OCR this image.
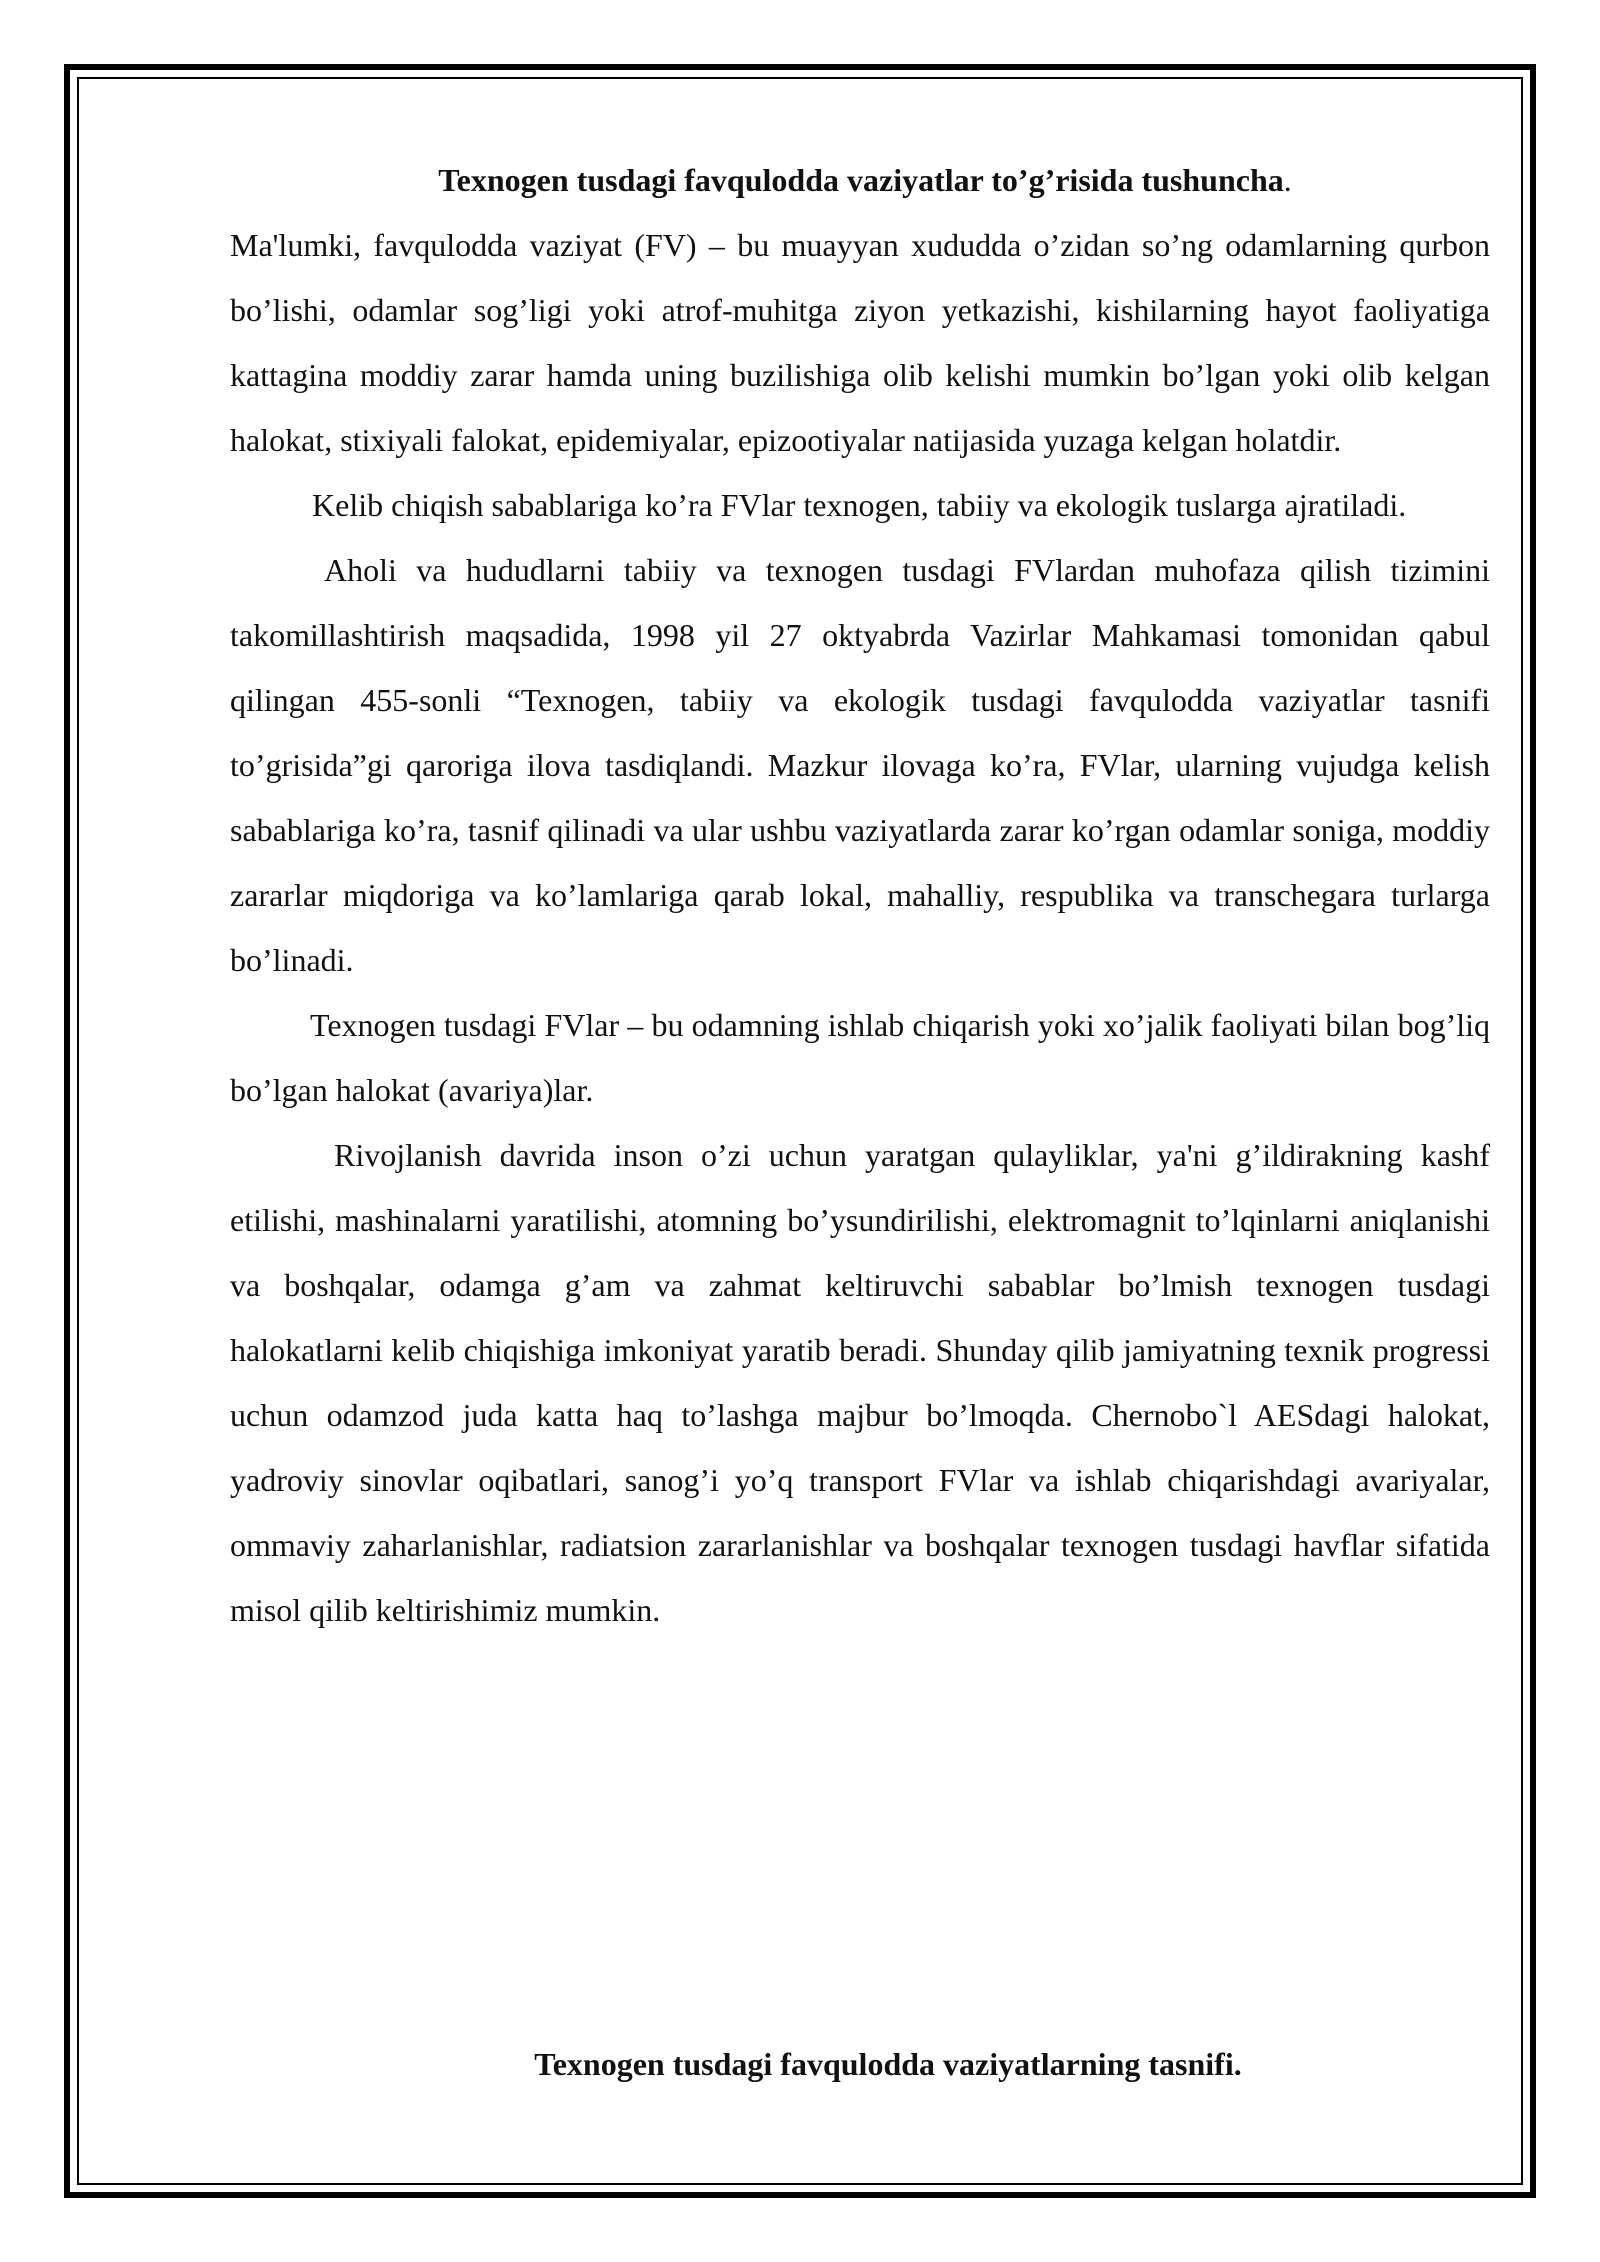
Texnogen tusdagi favqulodda vaziyatlar to’g’risida tushuncha.

Ma'lumki, favqulodda vaziyat (FV) – bu muayyan xududda o’zidan so’ng odamlarning qurbon bo’lishi, odamlar sog’ligi yoki atrof-muhitga ziyon yetkazishi, kishilarning hayot faoliyatiga kattagina moddiy zarar hamda uning buzilishiga olib kelishi mumkin bo’lgan yoki olib kelgan halokat, stixiyali falokat, epidemiyalar, epizootiyalar natijasida yuzaga kelgan holatdir.

Kelib chiqish sabablariga ko’ra FVlar texnogen, tabiiy va ekologik tuslarga ajratiladi.

Aholi va hududlarni tabiiy va texnogen tusdagi FVlardan muhofaza qilish tizimini takomillashtirish maqsadida, 1998 yil 27 oktyabrda Vazirlar Mahkamasi tomonidan qabul qilingan 455-sonli “Texnogen, tabiiy va ekologik tusdagi favqulodda vaziyatlar tasnifi to’grisida”gi qaroriga ilova tasdiqlandi. Mazkur ilovaga ko’ra, FVlar, ularning vujudga kelish sabablariga ko’ra, tasnif qilinadi va ular ushbu vaziyatlarda zarar ko’rgan odamlar soniga, moddiy zararlar miqdoriga va ko’lamlariga qarab lokal, mahalliy, respublika va transchegara turlarga bo’linadi.

Texnogen tusdagi FVlar – bu odamning ishlab chiqarish yoki xo’jalik faoliyati bilan bog’liq bo’lgan halokat (avariya)lar.

Rivojlanish davrida inson o’zi uchun yaratgan qulayliklar, ya'ni g’ildirakning kashf etilishi, mashinalarni yaratilishi, atomning bo’ysundirilishi, elektromagnit to’lqinlarni aniqlanishi va boshqalar, odamga g’am va zahmat keltiruvchi sabablar bo’lmish texnogen tusdagi halokatlarni kelib chiqishiga imkoniyat yaratib beradi. Shunday qilib jamiyatning texnik progressi uchun odamzod juda katta haq to’lashga majbur bo’lmoqda. Chernobo`l AESdagi halokat, yadroviy sinovlar oqibatlari, sanog’i yo’q transport FVlar va ishlab chiqarishdagi avariyalar, ommaviy zaharlanishlar, radiatsion zararlanishlar va boshqalar texnogen tusdagi havflar sifatida misol qilib keltirishimiz mumkin.

Texnogen tusdagi favqulodda vaziyatlarning tasnifi.
